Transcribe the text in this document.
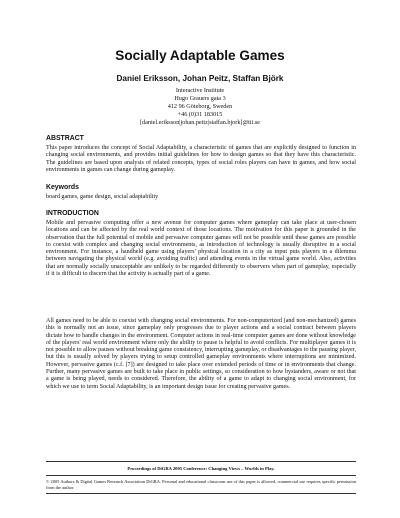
Socially Adaptable Games
Daniel Eriksson, Johan Peitz, Staffan Björk
Interactive Institute
Hugo Grauers gata 3
412 96 Göteborg, Sweden
+46 (0)31 183015
[daniel.eriksson|johan.peitz|staffan.bjork]@tii.se
ABSTRACT

This paper introduces the concept of Social Adaptability, a characteristic of games that are explicitly designed to function in changing social environments, and provides initial guidelines for how to design games so that they have this characteristic. The guidelines are based upon analysis of related concepts, types of social roles players can have in games, and how social environments in games can change during gameplay.

Keywords
board games, game design, social adaptability
INTRODUCTION

Mobile and pervasive computing offer a new avenue for computer games where gameplay can take place at user-chosen locations and can be affected by the real world context of those locations. The motivation for this paper is grounded in the observation that the full potential of mobile and pervasive computer games will not be possible until these games are possible to coexist with complex and changing social environments, as introduction of technology is usually disruptive in a social environment. For instance, a handheld game using players' physical location in a city as input puts players in a dilemma between navigating the physical world (e.g. avoiding traffic) and attending events in the virtual game world. Also, activities that are normally socially unacceptable are unlikely to be regarded differently to observers when part of gameplay, especially if it is difficult to discern that the activity is actually part of a game.

All games need to be able to coexist with changing social environments. For non-computerized (and non-mechanized) games this is normally not an issue, since gameplay only progresses due to player actions and a social contract between players dictate how to handle changes in the environment. Computer actions in real-time computer games are done without knowledge of the players' real world environment where only the ability to pause is helpful to avoid conflicts. For multiplayer games it is not possible to allow pauses without breaking game consistency, interrupting gameplay, or disadvantages to the pausing player, but this is usually solved by players trying to setup controlled gameplay environments where interruptions are minimized. However, pervasive games (c.f. [7]) are designed to take place over extended periods of time or in environments that change. Further, many pervasive games are built to take place in public settings, so consideration to how bystanders, aware or not that a game is being played, needs to considered. Therefore, the ability of a game to adapt to changing social environment, for which we use to term Social Adaptability, is an important design issue for creating pervasive games.

Proceedings of DiGRA 2005 Conference: Changing Views – Worlds in Play.
© 2005 Authors & Digital Games Research Association DiGRA. Personal and educational classroom use of this paper is allowed, commercial use requires specific permission from the author.
